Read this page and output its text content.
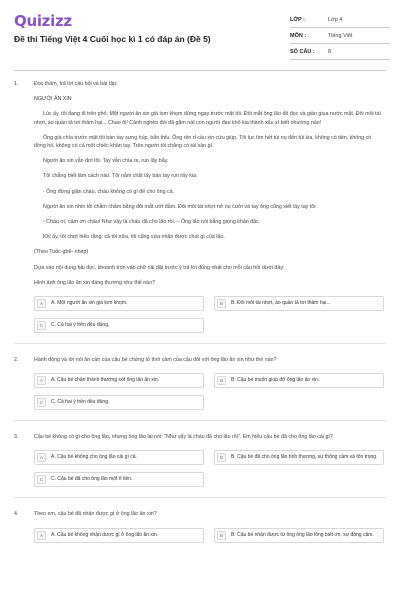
Quizizz
Đề thi Tiếng Việt 4 Cuối học kì 1 có đáp án (Đề 5)
LỚP :	Lớp 4
MÔN :	Tiếng Việt
SỐ CÂU :	8
1.	Đọc thầm, trả lời câu hỏi và bài tập:

NGƯỜI ĂN XIN

Lúc ấy, tôi đang đi trên phố. Một người ăn xin già lọm khọm đứng ngay trước mặt tôi. Đôi mắt ông lão đỏ đọc và giàn giụa nước mắt. Đôi môi tái nhợt, áo quần tả tơi thảm hại... Chao ôi! Cảnh nghèo đói đã gặm nát con người đau khổ kia thành xấu xí biết nhường nào!

Ông già chìa trước mặt tôi bàn tay sưng húp, bẩn thỉu. Ông rên rỉ cầu xin cứu giúp. Tôi lục tìm hết túi nọ đến túi kia, không có tiền, không có đồng hồ, không có cả một chiếc khăn tay. Trên người tôi chẳng có tài sản gì.

Người ăn xin vẫn đợi tôi. Tay vẫn chìa ra, run lẩy bẩy.

Tôi chẳng biết làm cách nào. Tôi nắm chặt lấy bàn tay run rẩy kia:

- Ông đừng giận cháu, cháu không có gì để cho ông cả.

Người ăn xin nhìn tôi chằm chằm bằng đôi mắt ướt đẫm. Đôi môi tái nhợt nở nụ cười và tay ông cũng xiết lấy tay tôi:

- Cháu ơi, cảm ơn cháu! Như vậy là cháu đã cho lão rồi. – Ông lão nói bằng giọng khản đặc.

Khi ấy, tôi chợt hiểu rằng: cả tôi nữa, tôi cũng vừa nhận được chút gì của lão.

(Theo Tuốc-ghê- nhép)

Dựa vào nội dung bài đọc, khoanh tròn vào chữ cái đặt trước ý trả lời đúng nhất cho mỗi câu hỏi dưới đây:

Hình ảnh ông lão ăn xin đáng thương như thế nào?

A	A. Một người ăn xin già lọm khọm.	B	B. Đôi môi tái nhợt, áo quần tả tơi thảm hại...
C	C. Cả hai ý trên đều đúng.
2.	Hành động và lời nói ân cần của cậu bé chứng tỏ tình cảm của cậu đối với ông lão ăn xin như thế nào?

A	A. Cậu bé chân thành thương xót ông lão ăn xin.	B	B. Cậu bé muốn giúp đỡ ông lão ăn xin.
C	C. Cả hai ý trên đều đúng.
3.	Cậu bé không có gì cho ông lão, nhưng ông lão lại nói: "Như vậy là cháu đã cho lão rồi". Em hiểu cậu bé đã cho ông lão cái gì?

A	A. Cậu bé không cho ông lão cái gì cả.	B	B. Cậu bé đã cho ông lão tình thương, sự thông cảm và tôn trọng.
C	C. Cậu bé đã cho ông lão một ít tiền.
4.	Theo em, cậu bé đã nhận được gì ở ông lão ăn xin?

A	A. Cậu bé không nhận được gì ở ông lão ăn xin.	B	B. Cậu bé nhận được từ ông ông lão lòng biết ơn, sự đồng cảm.
